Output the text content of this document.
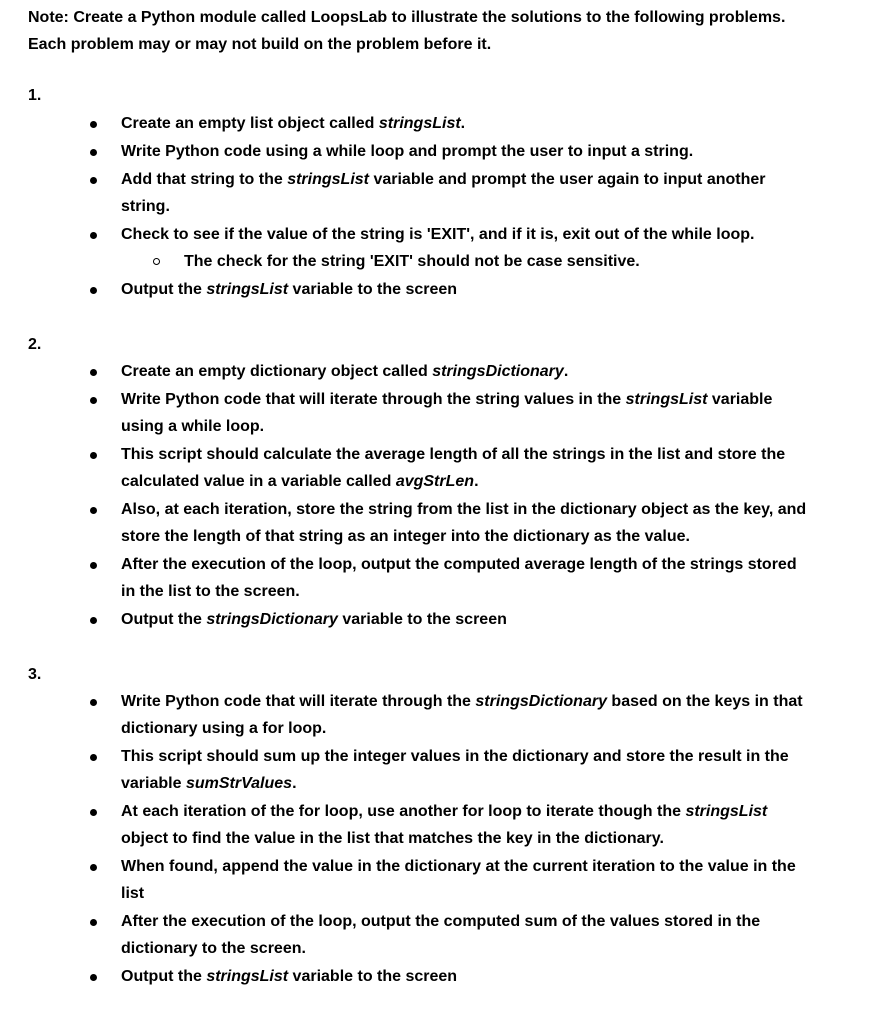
Note: Create a Python module called LoopsLab to illustrate the solutions to the following problems.
Each problem may or may not build on the problem before it.
1.
Create an empty list object called stringsList.
Write Python code using a while loop and prompt the user to input a string.
Add that string to the stringsList variable and prompt the user again to input another
string.
Check to see if the value of the string is 'EXIT', and if it is, exit out of the while loop.
The check for the string 'EXIT' should not be case sensitive.
Output the stringsList variable to the screen
2.
Create an empty dictionary object called stringsDictionary.
Write Python code that will iterate through the string values in the stringsList variable
using a while loop.
This script should calculate the average length of all the strings in the list and store the
calculated value in a variable called avgStrLen.
Also, at each iteration, store the string from the list in the dictionary object as the key, and
store the length of that string as an integer into the dictionary as the value.
After the execution of the loop, output the computed average length of the strings stored
in the list to the screen.
Output the stringsDictionary variable to the screen
3.
Write Python code that will iterate through the stringsDictionary based on the keys in that
dictionary using a for loop.
This script should sum up the integer values in the dictionary and store the result in the
variable sumStrValues.
At each iteration of the for loop, use another for loop to iterate though the stringsList
object to find the value in the list that matches the key in the dictionary.
When found, append the value in the dictionary at the current iteration to the value in the
list
After the execution of the loop, output the computed sum of the values stored in the
dictionary to the screen.
Output the stringsList variable to the screen
